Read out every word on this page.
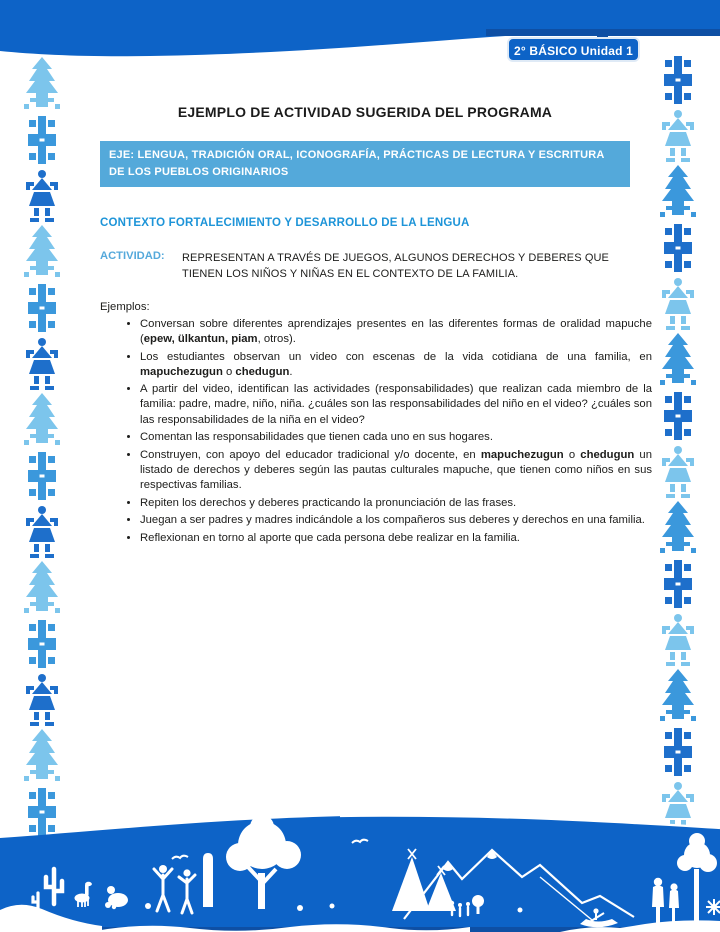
2° BÁSICO Unidad 1
EJEMPLO DE ACTIVIDAD SUGERIDA DEL PROGRAMA
EJE: LENGUA, TRADICIÓN ORAL, ICONOGRAFÍA, PRÁCTICAS DE LECTURA Y ESCRITURA DE LOS PUEBLOS ORIGINARIOS
CONTEXTO FORTALECIMIENTO Y DESARROLLO DE LA LENGUA
ACTIVIDAD:	REPRESENTAN A TRAVÉS DE JUEGOS, ALGUNOS DERECHOS Y DEBERES QUE TIENEN LOS NIÑOS Y NIÑAS EN EL CONTEXTO DE LA FAMILIA.
Ejemplos:
• Conversan sobre diferentes aprendizajes presentes en las diferentes formas de oralidad mapuche (epew, ülkantun, piam, otros).
• Los estudiantes observan un video con escenas de la vida cotidiana de una familia, en mapuchezugun o chedugun.
• A partir del video, identifican las actividades (responsabilidades) que realizan cada miembro de la familia: padre, madre, niño, niña. ¿cuáles son las responsabilidades del niño en el video? ¿cuáles son las responsabilidades de la niña en el video?
• Comentan las responsabilidades que tienen cada uno en sus hogares.
• Construyen, con apoyo del educador tradicional y/o docente, en mapuchezugun o chedugun un listado de derechos y deberes según las pautas culturales mapuche, que tienen como niños en sus respectivas familias.
• Repiten los derechos y deberes practicando la pronunciación de las frases.
• Juegan a ser padres y madres indicándole a los compañeros sus deberes y derechos en una familia.
• Reflexionan en torno al aporte que cada persona debe realizar en la familia.
